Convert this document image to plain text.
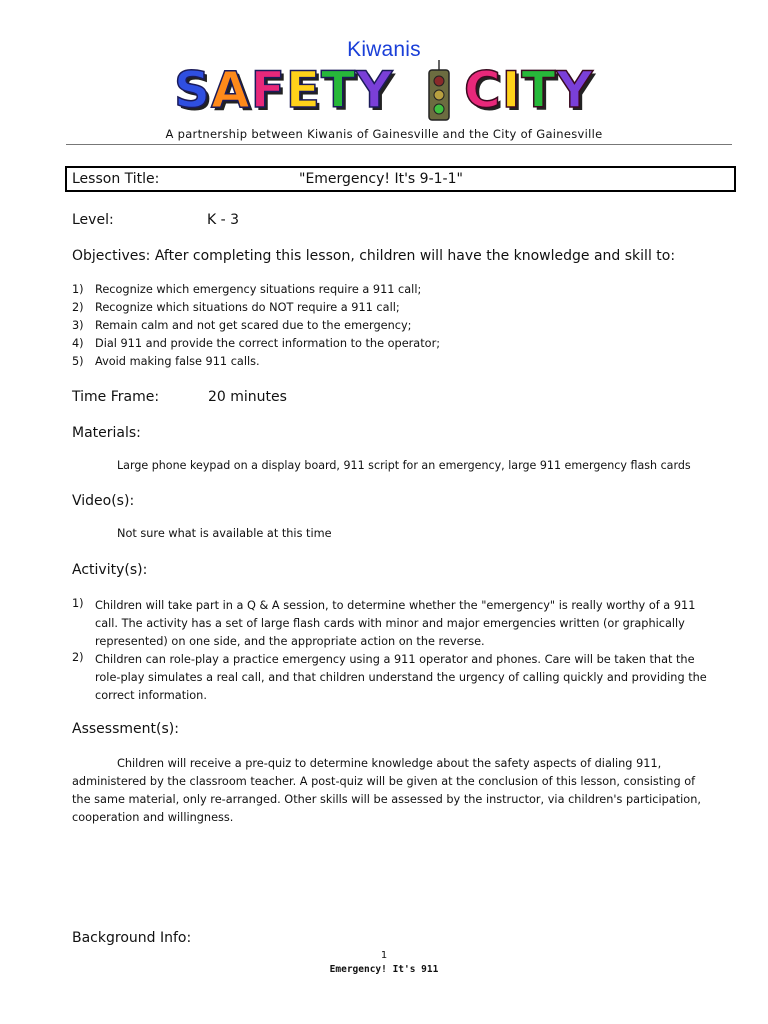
Kiwanis
SAFETY CITY
A partnership between Kiwanis of Gainesville and the City of Gainesville
Lesson Title:	"Emergency! It's 9-1-1"
Level:	K - 3
Objectives: After completing this lesson, children will have the knowledge and skill to:
1) Recognize which emergency situations require a 911 call;
2) Recognize which situations do NOT require a 911 call;
3) Remain calm and not get scared due to the emergency;
4) Dial 911 and provide the correct information to the operator;
5) Avoid making false 911 calls.
Time Frame:	20 minutes
Materials:
Large phone keypad on a display board, 911 script for an emergency, large 911 emergency flash cards
Video(s):
Not sure what is available at this time
Activity(s):
1) Children will take part in a Q & A session, to determine whether the "emergency" is really worthy of a 911
call. The activity has a set of large flash cards with minor and major emergencies written (or graphically
represented) on one side, and the appropriate action on the reverse.
2) Children can role-play a practice emergency using a 911 operator and phones. Care will be taken that the
role-play simulates a real call, and that children understand the urgency of calling quickly and providing the
correct information.
Assessment(s):
Children will receive a pre-quiz to determine knowledge about the safety aspects of dialing 911,
administered by the classroom teacher. A post-quiz will be given at the conclusion of this lesson, consisting of
the same material, only re-arranged. Other skills will be assessed by the instructor, via children's participation,
cooperation and willingness.
Background Info:
1
Emergency! It's 911
